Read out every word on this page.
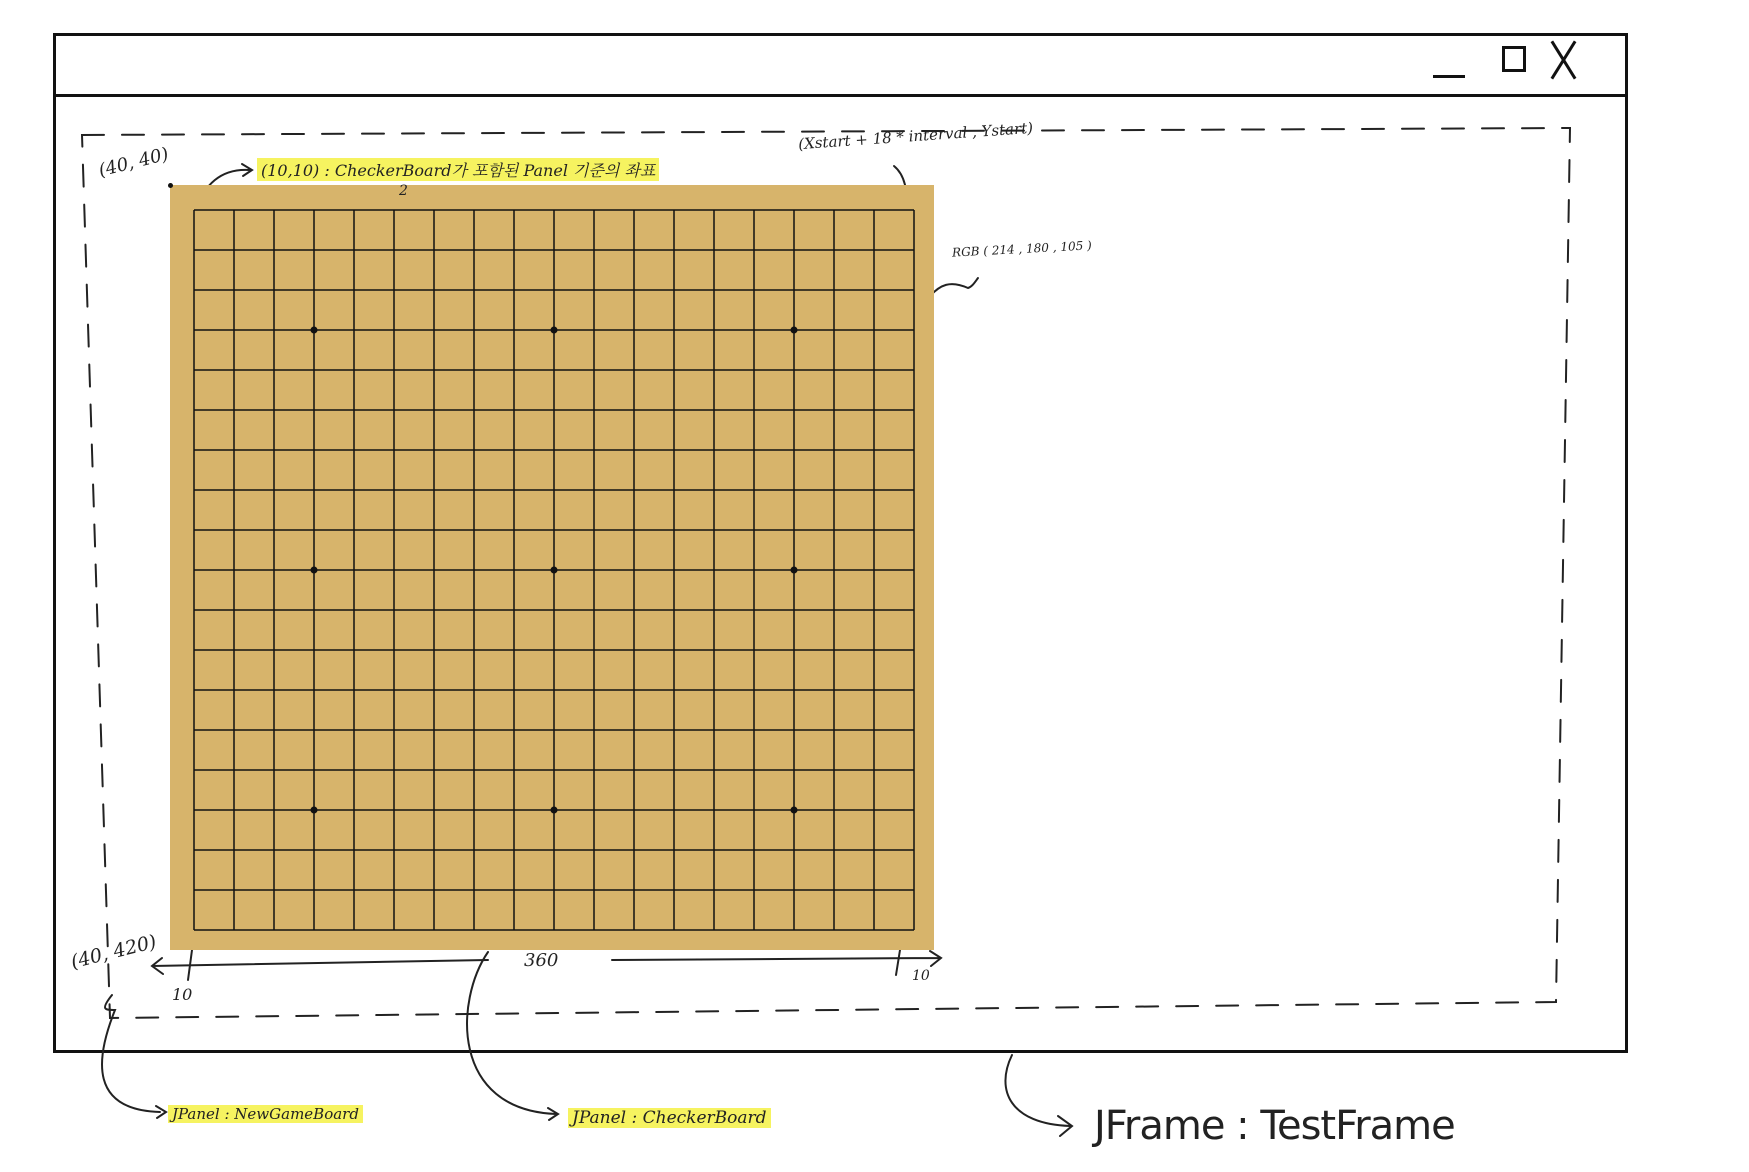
(40, 40)	(10,10) : CheckerBoard가 포함된 Panel 기준의 좌표
(Xstart + 18 * interval , Ystart)
2
RGB ( 214 , 180 , 105 )
(40, 420)
10
360
10
JPanel : NewGameBoard	JPanel : CheckerBoard	JFrame : TestFrame
